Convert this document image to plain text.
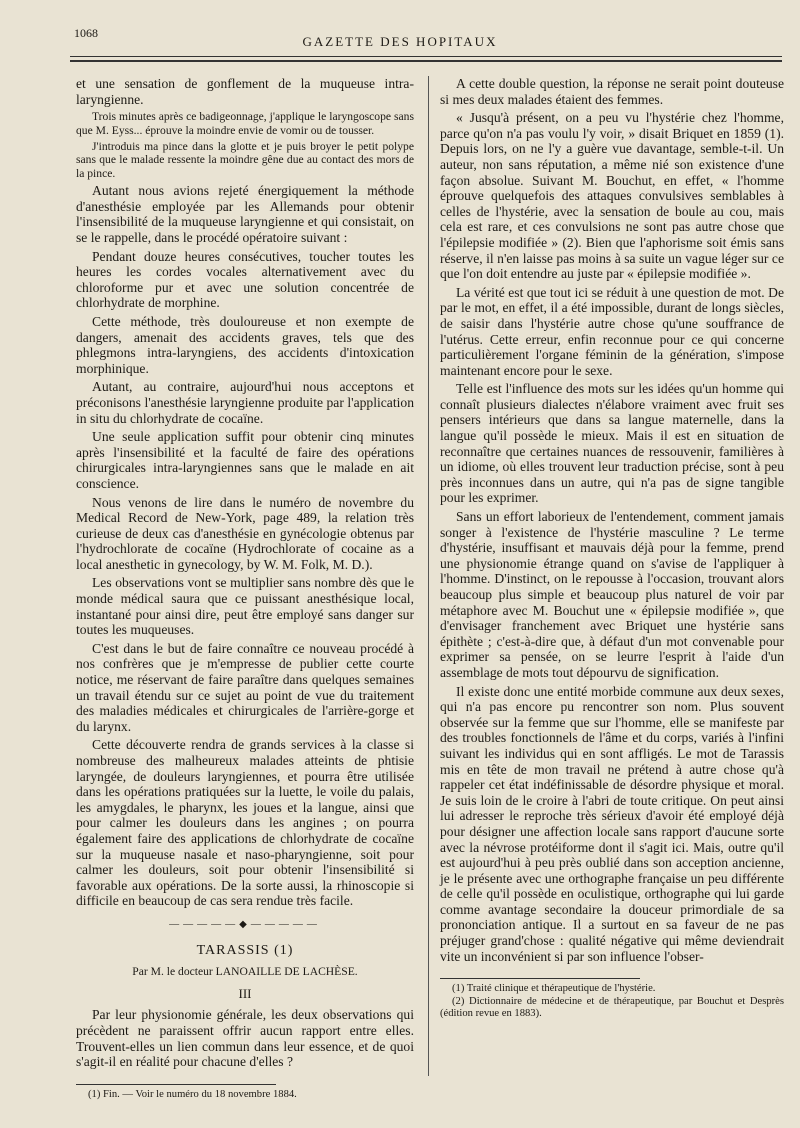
1068
GAZETTE DES HOPITAUX

et une sensation de gonflement de la muqueuse intra-laryngienne.

Trois minutes après ce badigeonnage, j'applique le laryngoscope sans que M. Eyss... éprouve la moindre envie de vomir ou de tousser.

J'introduis ma pince dans la glotte et je puis broyer le petit polype sans que le malade ressente la moindre gêne due au contact des mors de la pince.

Autant nous avions rejeté énergiquement la méthode d'anesthésie employée par les Allemands pour obtenir l'insensibilité de la muqueuse laryngienne et qui consistait, on se le rappelle, dans le procédé opératoire suivant :

Pendant douze heures consécutives, toucher toutes les heures les cordes vocales alternativement avec du chloroforme pur et avec une solution concentrée de chlorhydrate de morphine.

Cette méthode, très douloureuse et non exempte de dangers, amenait des accidents graves, tels que des phlegmons intra-laryngiens, des accidents d'intoxication morphinique.

Autant, au contraire, aujourd'hui nous acceptons et préconisons l'anesthésie laryngienne produite par l'application in situ du chlorhydrate de cocaïne.

Une seule application suffit pour obtenir cinq minutes après l'insensibilité et la faculté de faire des opérations chirurgicales intra-laryngiennes sans que le malade en ait conscience.

Nous venons de lire dans le numéro de novembre du Medical Record de New-York, page 489, la relation très curieuse de deux cas d'anesthésie en gynécologie obtenus par l'hydrochlorate de cocaïne (Hydrochlorate of cocaine as a local anesthetic in gynecology, by W. M. Folk, M. D.).

Les observations vont se multiplier sans nombre dès que le monde médical saura que ce puissant anesthésique local, instantané pour ainsi dire, peut être employé sans danger sur toutes les muqueuses.

C'est dans le but de faire connaître ce nouveau procédé à nos confrères que je m'empresse de publier cette courte notice, me réservant de faire paraître dans quelques semaines un travail étendu sur ce sujet au point de vue du traitement des maladies médicales et chirurgicales de l'arrière-gorge et du larynx.

Cette découverte rendra de grands services à la classe si nombreuse des malheureux malades atteints de phtisie laryngée, de douleurs laryngiennes, et pourra être utilisée dans les opérations pratiquées sur la luette, le voile du palais, les amygdales, le pharynx, les joues et la langue, ainsi que pour calmer les douleurs dans les angines ; on pourra également faire des applications de chlorhydrate de cocaïne sur la muqueuse nasale et naso-pharyngienne, soit pour calmer les douleurs, soit pour obtenir l'insensibilité si favorable aux opérations. De la sorte aussi, la rhinoscopie si difficile en beaucoup de cas sera rendue très facile.

—————◆—————
TARASSIS (1)
Par M. le docteur LANOAILLE DE LACHÈSE.
III

Par leur physionomie générale, les deux observations qui précèdent ne paraissent offrir aucun rapport entre elles. Trouvent-elles un lien commun dans leur essence, et de quoi s'agit-il en réalité pour chacune d'elles ?

(1) Fin. — Voir le numéro du 18 novembre 1884.

A cette double question, la réponse ne serait point douteuse si mes deux malades étaient des femmes.

« Jusqu'à présent, on a peu vu l'hystérie chez l'homme, parce qu'on n'a pas voulu l'y voir, » disait Briquet en 1859 (1). Depuis lors, on ne l'y a guère vue davantage, semble-t-il. Un auteur, non sans réputation, a même nié son existence d'une façon absolue. Suivant M. Bouchut, en effet, « l'homme éprouve quelquefois des attaques convulsives semblables à celles de l'hystérie, avec la sensation de boule au cou, mais cela est rare, et ces convulsions ne sont pas autre chose que l'épilepsie modifiée » (2). Bien que l'aphorisme soit émis sans réserve, il n'en laisse pas moins à sa suite un vague léger sur ce que l'on doit entendre au juste par « épilepsie modifiée ».

La vérité est que tout ici se réduit à une question de mot. De par le mot, en effet, il a été impossible, durant de longs siècles, de saisir dans l'hystérie autre chose qu'une souffrance de l'utérus. Cette erreur, enfin reconnue pour ce qui concerne particulièrement l'organe féminin de la génération, s'impose maintenant encore pour le sexe.

Telle est l'influence des mots sur les idées qu'un homme qui connaît plusieurs dialectes n'élabore vraiment avec fruit ses pensers intérieurs que dans sa langue maternelle, dans la langue qu'il possède le mieux. Mais il est en situation de reconnaître que certaines nuances de ressouvenir, familières à un idiome, où elles trouvent leur traduction précise, sont à peu près inconnues dans un autre, qui n'a pas de signe tangible pour les exprimer.

Sans un effort laborieux de l'entendement, comment jamais songer à l'existence de l'hystérie masculine ? Le terme d'hystérie, insuffisant et mauvais déjà pour la femme, prend une physionomie étrange quand on s'avise de l'appliquer à l'homme. D'instinct, on le repousse à l'occasion, trouvant alors beaucoup plus simple et beaucoup plus naturel de voir par métaphore avec M. Bouchut une « épilepsie modifiée », que d'envisager franchement avec Briquet une hystérie sans épithète ; c'est-à-dire que, à défaut d'un mot convenable pour exprimer sa pensée, on se leurre l'esprit à l'aide d'un assemblage de mots tout dépourvu de signification.

Il existe donc une entité morbide commune aux deux sexes, qui n'a pas encore pu rencontrer son nom. Plus souvent observée sur la femme que sur l'homme, elle se manifeste par des troubles fonctionnels de l'âme et du corps, variés à l'infini suivant les individus qui en sont affligés. Le mot de Tarassis mis en tête de mon travail ne prétend à autre chose qu'à rappeler cet état indéfinissable de désordre physique et moral. Je suis loin de le croire à l'abri de toute critique. On peut ainsi lui adresser le reproche très sérieux d'avoir été employé déjà pour désigner une affection locale sans rapport d'aucune sorte avec la névrose protéiforme dont il s'agit ici. Mais, outre qu'il est aujourd'hui à peu près oublié dans son acception ancienne, je le présente avec une orthographe française un peu différente de celle qu'il possède en oculistique, orthographe qui lui garde comme avantage secondaire la douceur primordiale de sa prononciation antique. Il a surtout en sa faveur de ne pas préjuger grand'chose : qualité négative qui même deviendrait vite un inconvénient si par son influence l'obser-

(1) Traité clinique et thérapeutique de l'hystérie.
(2) Dictionnaire de médecine et de thérapeutique, par Bouchut et Desprès (édition revue en 1883).
